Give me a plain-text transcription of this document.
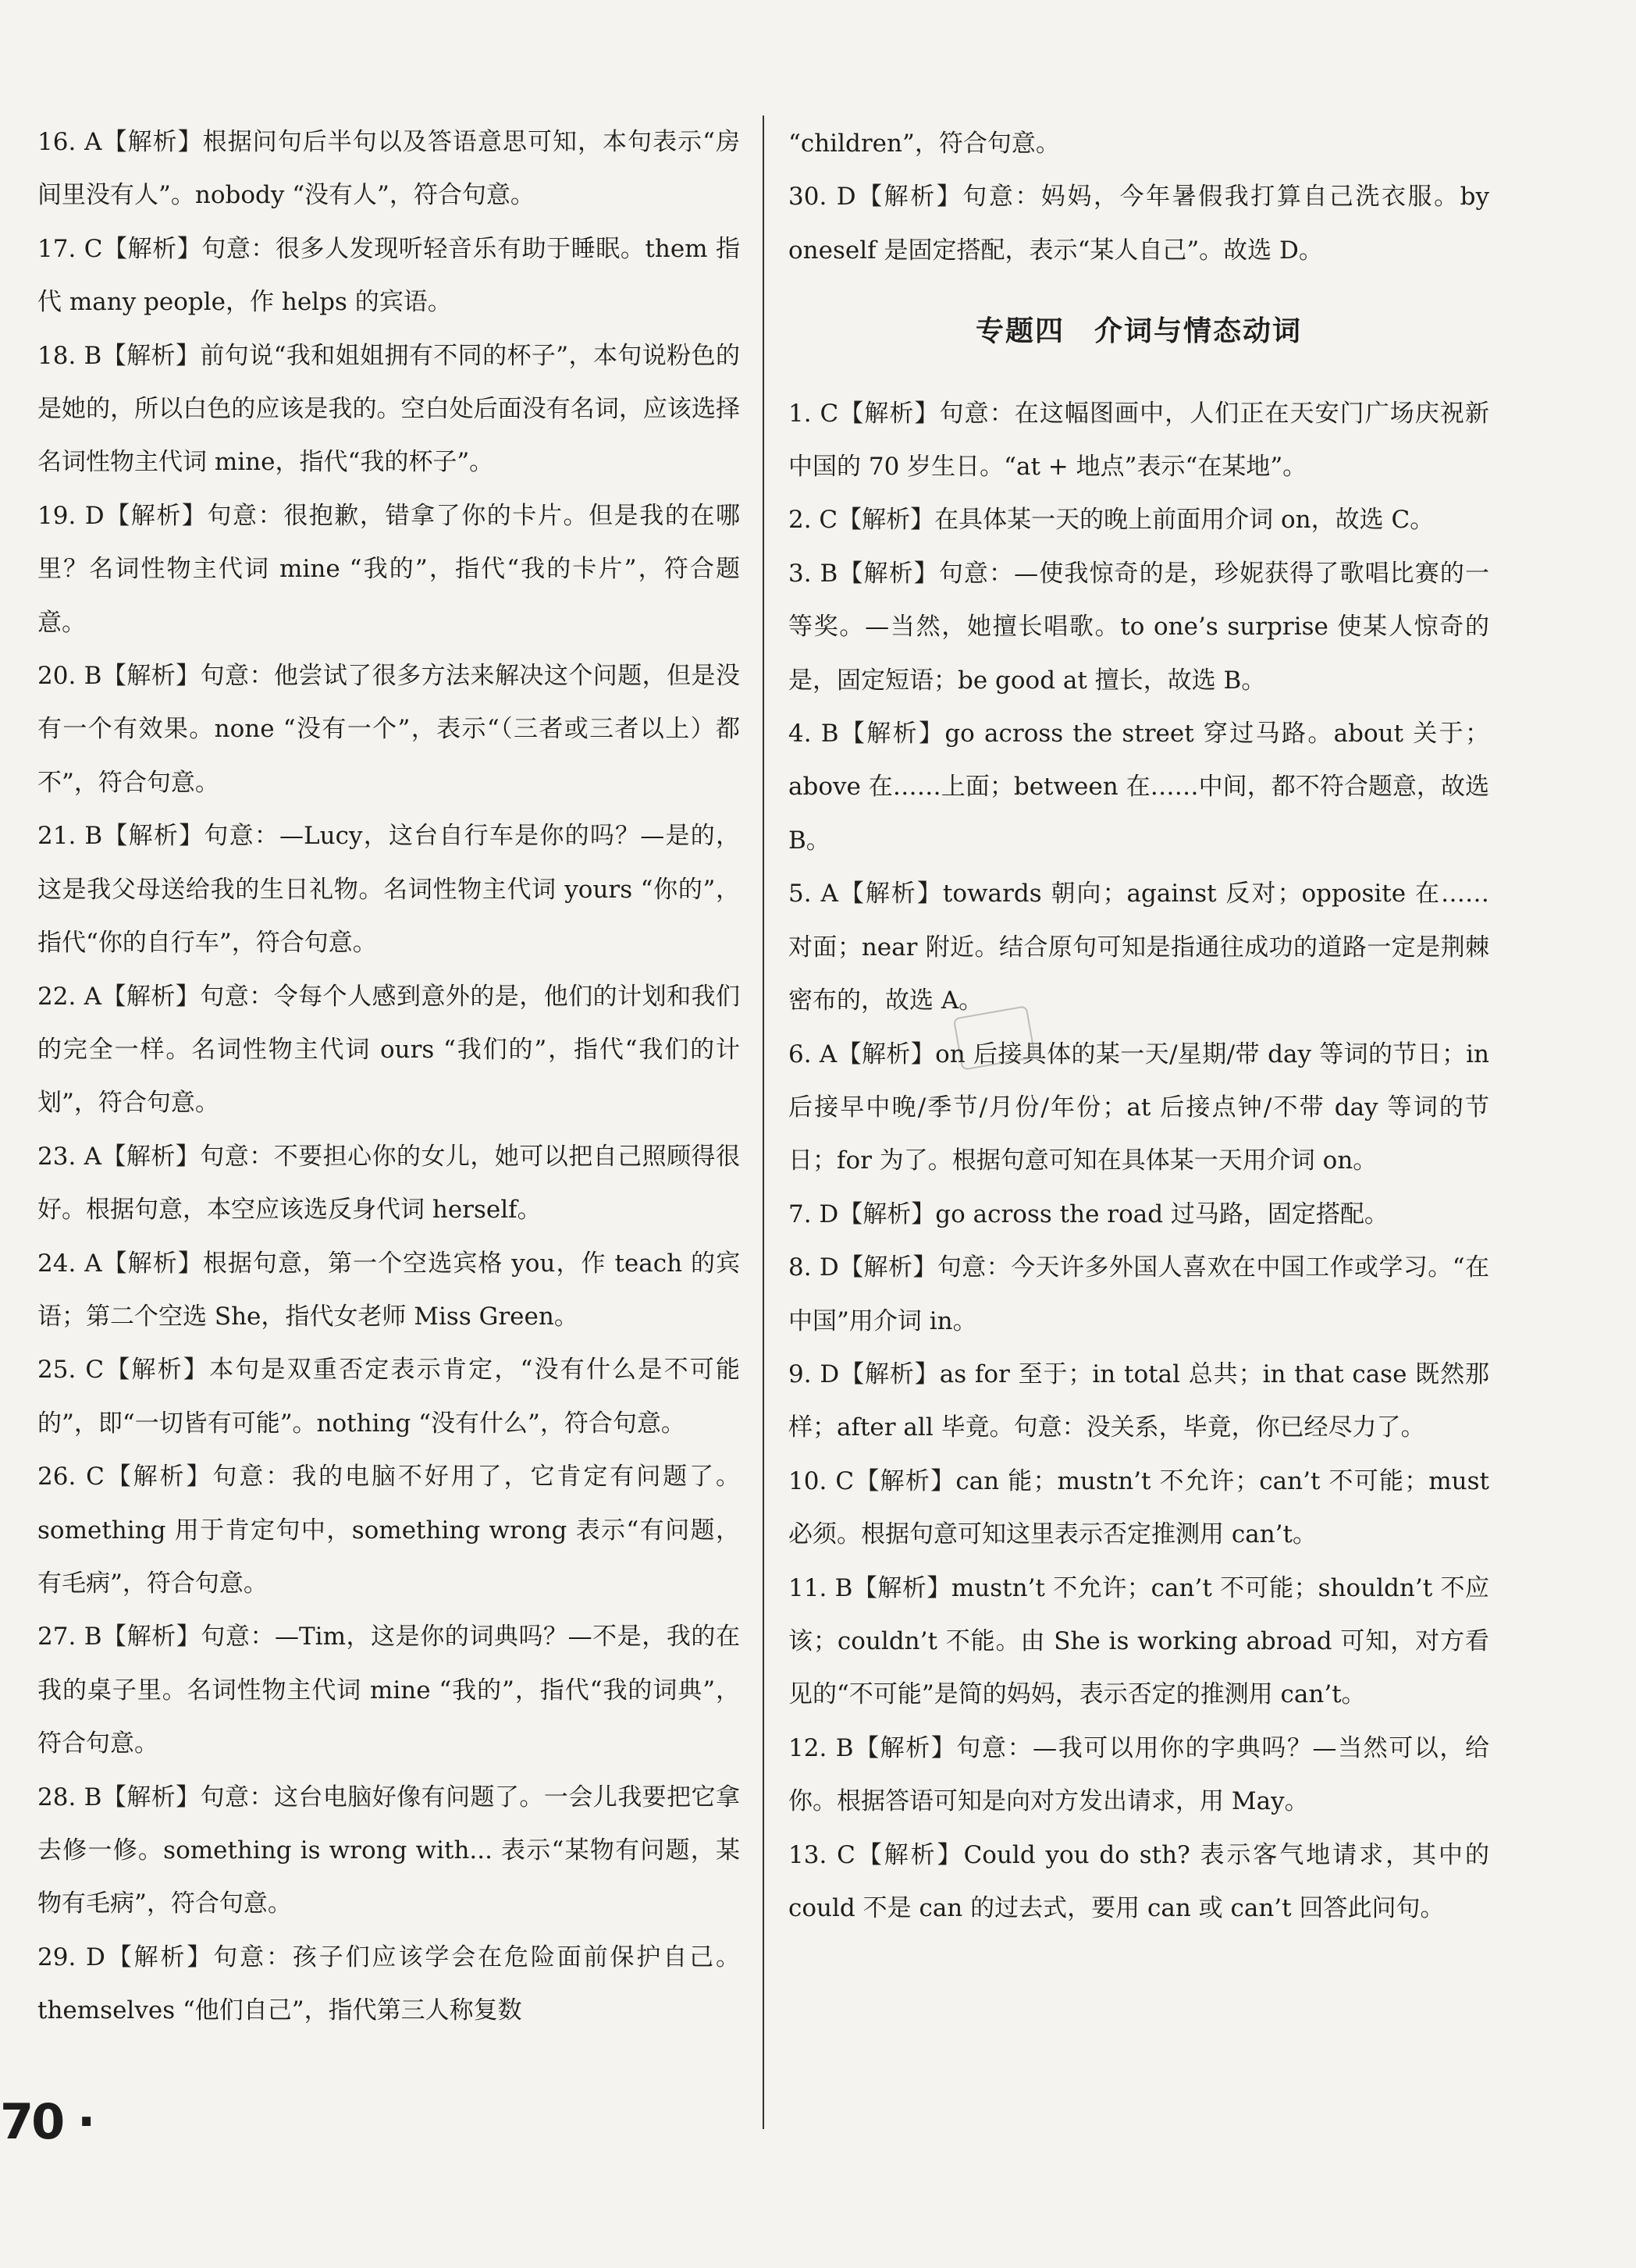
16. A【解析】根据问句后半句以及答语意思可知，本句表示“房间里没有人”。nobody “没有人”，符合句意。

17. C【解析】句意：很多人发现听轻音乐有助于睡眠。them 指代 many people，作 helps 的宾语。

18. B【解析】前句说“我和姐姐拥有不同的杯子”，本句说粉色的是她的，所以白色的应该是我的。空白处后面没有名词，应该选择名词性物主代词 mine，指代“我的杯子”。

19. D【解析】句意：很抱歉，错拿了你的卡片。但是我的在哪里？名词性物主代词 mine “我的”，指代“我的卡片”，符合题意。

20. B【解析】句意：他尝试了很多方法来解决这个问题，但是没有一个有效果。none “没有一个”，表示“（三者或三者以上）都不”，符合句意。

21. B【解析】句意：—Lucy，这台自行车是你的吗？—是的，这是我父母送给我的生日礼物。名词性物主代词 yours “你的”，指代“你的自行车”，符合句意。

22. A【解析】句意：令每个人感到意外的是，他们的计划和我们的完全一样。名词性物主代词 ours “我们的”，指代“我们的计划”，符合句意。

23. A【解析】句意：不要担心你的女儿，她可以把自己照顾得很好。根据句意，本空应该选反身代词 herself。

24. A【解析】根据句意，第一个空选宾格 you，作 teach 的宾语；第二个空选 She，指代女老师 Miss Green。

25. C【解析】本句是双重否定表示肯定，“没有什么是不可能的”，即“一切皆有可能”。nothing “没有什么”，符合句意。

26. C【解析】句意：我的电脑不好用了，它肯定有问题了。something 用于肯定句中，something wrong 表示“有问题，有毛病”，符合句意。

27. B【解析】句意：—Tim，这是你的词典吗？—不是，我的在我的桌子里。名词性物主代词 mine “我的”，指代“我的词典”，符合句意。

28. B【解析】句意：这台电脑好像有问题了。一会儿我要把它拿去修一修。something is wrong with... 表示“某物有问题，某物有毛病”，符合句意。

29. D【解析】句意：孩子们应该学会在危险面前保护自己。themselves “他们自己”，指代第三人称复数

“children”，符合句意。

30. D【解析】句意：妈妈，今年暑假我打算自己洗衣服。by oneself 是固定搭配，表示“某人自己”。故选 D。

专题四　介词与情态动词

1. C【解析】句意：在这幅图画中，人们正在天安门广场庆祝新中国的 70 岁生日。“at + 地点”表示“在某地”。

2. C【解析】在具体某一天的晚上前面用介词 on，故选 C。

3. B【解析】句意：—使我惊奇的是，珍妮获得了歌唱比赛的一等奖。—当然，她擅长唱歌。to one’s surprise 使某人惊奇的是，固定短语；be good at 擅长，故选 B。

4. B【解析】go across the street 穿过马路。about 关于；above 在……上面；between 在……中间，都不符合题意，故选 B。

5. A【解析】towards 朝向；against 反对；opposite 在……对面；near 附近。结合原句可知是指通往成功的道路一定是荆棘密布的，故选 A。

6. A【解析】on 后接具体的某一天/星期/带 day 等词的节日；in 后接早中晚/季节/月份/年份；at 后接点钟/不带 day 等词的节日；for 为了。根据句意可知在具体某一天用介词 on。

7. D【解析】go across the road 过马路，固定搭配。

8. D【解析】句意：今天许多外国人喜欢在中国工作或学习。“在中国”用介词 in。

9. D【解析】as for 至于；in total 总共；in that case 既然那样；after all 毕竟。句意：没关系，毕竟，你已经尽力了。

10. C【解析】can 能；mustn’t 不允许；can’t 不可能；must 必须。根据句意可知这里表示否定推测用 can’t。

11. B【解析】mustn’t 不允许；can’t 不可能；shouldn’t 不应该；couldn’t 不能。由 She is working abroad 可知，对方看见的“不可能”是简的妈妈，表示否定的推测用 can’t。

12. B【解析】句意：—我可以用你的字典吗？—当然可以，给你。根据答语可知是向对方发出请求，用 May。

13. C【解析】Could you do sth? 表示客气地请求，其中的 could 不是 can 的过去式，要用 can 或 can’t 回答此问句。

70 ·
